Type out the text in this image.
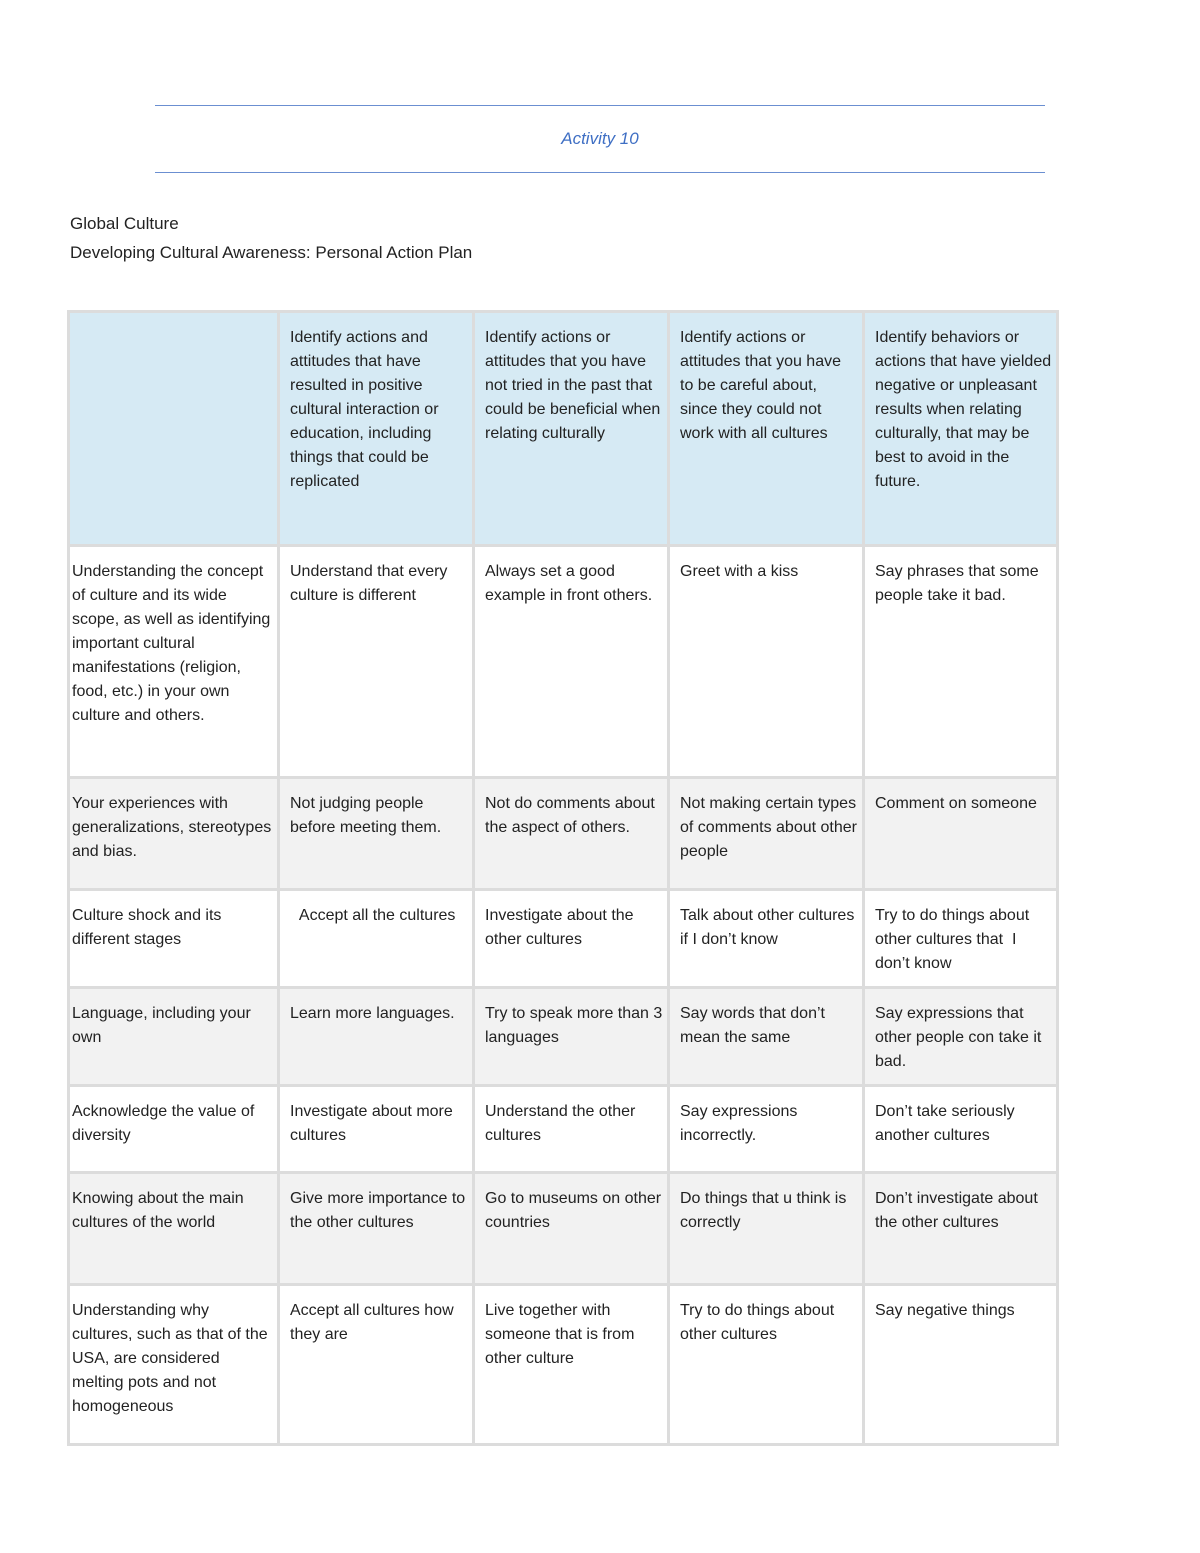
Activity 10
Global Culture
Developing Cultural Awareness: Personal Action Plan
	Identify actions and attitudes that have resulted in positive cultural interaction or education, including things that could be replicated	Identify actions or attitudes that you have not tried in the past that could be beneficial when relating culturally	Identify actions or attitudes that you have to be careful about, since they could not work with all cultures	Identify behaviors or actions that have yielded negative or unpleasant results when relating culturally, that may be best to avoid in the future.
Understanding the concept of culture and its wide scope, as well as identifying important cultural manifestations (religion, food, etc.) in your own culture and others.	Understand that every culture is different	Always set a good example in front others.	Greet with a kiss	Say phrases that some people take it bad.
Your experiences with generalizations, stereotypes and bias.	Not judging people before meeting them.	Not do comments about the aspect of others.	Not making certain types of comments about other people	Comment on someone
Culture shock and its different stages	Accept all the cultures	Investigate about the other cultures	Talk about other cultures if I don’t know	Try to do things about other cultures that  I don’t know
Language, including your own	Learn more languages.	Try to speak more than 3 languages	Say words that don’t mean the same	Say expressions that other people con take it bad.
Acknowledge the value of diversity	Investigate about more cultures	Understand the other cultures	Say expressions incorrectly.	Don’t take seriously another cultures
Knowing about the main cultures of the world	Give more importance to the other cultures	Go to museums on other countries	Do things that u think is correctly	Don’t investigate about the other cultures
Understanding why cultures, such as that of the USA, are considered melting pots and not homogeneous	Accept all cultures how they are	Live together with someone that is from other culture	Try to do things about other cultures	Say negative things
